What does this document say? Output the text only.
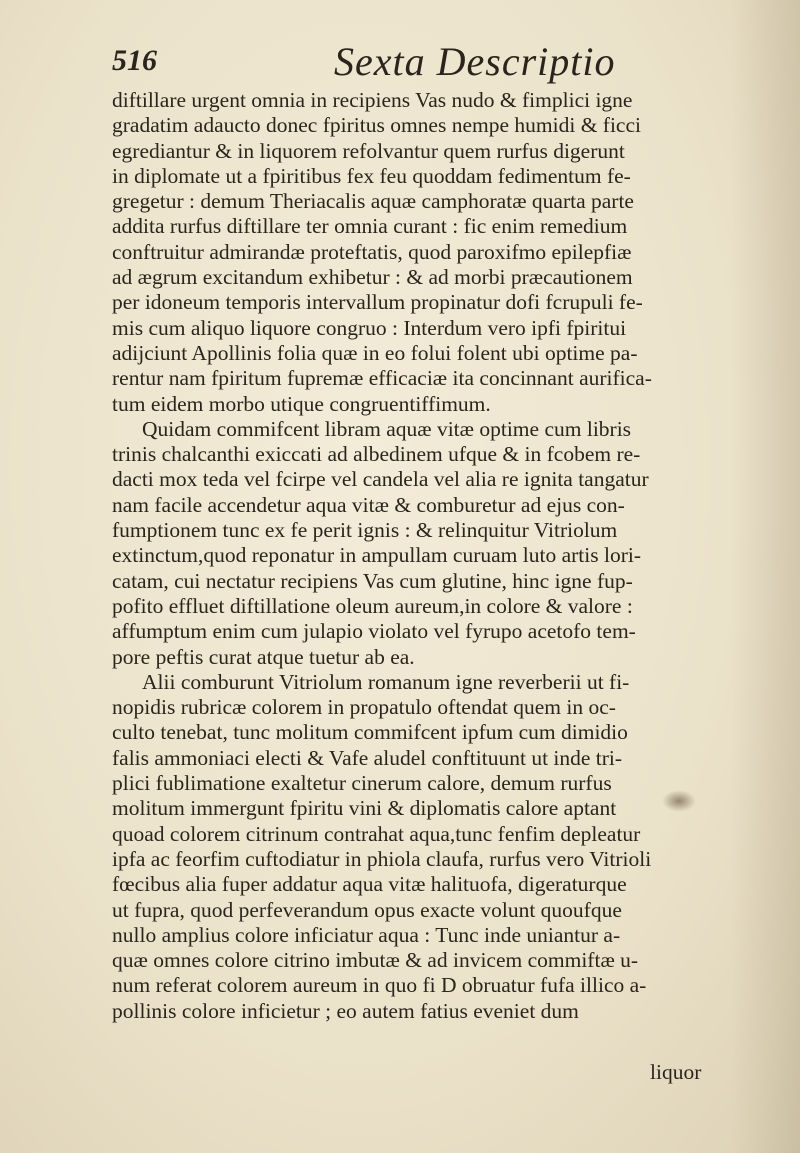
516	Sexta Descriptio
diftillare urgent omnia in recipiens Vas nudo & fimplici igne
gradatim adaucto donec fpiritus omnes nempe humidi & ficci
egrediantur & in liquorem refolvantur quem rurfus digerunt
in diplomate ut a fpiritibus fex feu quoddam fedimentum fe-
gregetur : demum Theriacalis aquæ camphoratæ quarta parte
addita rurfus diftillare ter omnia curant : fic enim remedium
conftruitur admirandæ proteftatis, quod paroxifmo epilepfiæ
ad ægrum excitandum exhibetur : & ad morbi præcautionem
per idoneum temporis intervallum propinatur dofi fcrupuli fe-
mis cum aliquo liquore congruo : Interdum vero ipfi fpiritui
adijciunt Apollinis folia quæ in eo folui folent ubi optime pa-
rentur nam fpiritum fupremæ efficaciæ ita concinnant aurifica-
tum eidem morbo utique congruentiffimum.
Quidam commifcent libram aquæ vitæ optime cum libris
trinis chalcanthi exiccati ad albedinem ufque & in fcobem re-
dacti mox teda vel fcirpe vel candela vel alia re ignita tangatur
nam facile accendetur aqua vitæ & comburetur ad ejus con-
fumptionem tunc ex fe perit ignis : & relinquitur Vitriolum
extinctum,quod reponatur in ampullam curuam luto artis lori-
catam, cui nectatur recipiens Vas cum glutine, hinc igne fup-
pofito effluet diftillatione oleum aureum,in colore & valore :
affumptum enim cum julapio violato vel fyrupo acetofo tem-
pore peftis curat atque tuetur ab ea.
Alii comburunt Vitriolum romanum igne reverberii ut fi-
nopidis rubricæ colorem in propatulo oftendat quem in oc-
culto tenebat, tunc molitum commifcent ipfum cum dimidio
falis ammoniaci electi & Vafe aludel conftituunt ut inde tri-
plici fublimatione exaltetur cinerum calore, demum rurfus
molitum immergunt fpiritu vini & diplomatis calore aptant
quoad colorem citrinum contrahat aqua,tunc fenfim depleatur
ipfa ac feorfim cuftodiatur in phiola claufa, rurfus vero Vitrioli
fœcibus alia fuper addatur aqua vitæ halituofa, digeraturque
ut fupra, quod perfeverandum opus exacte volunt quoufque
nullo amplius colore inficiatur aqua : Tunc inde uniantur a-
quæ omnes colore citrino imbutæ & ad invicem commiftæ u-
num referat colorem aureum in quo fi D obruatur fufa illico a-
pollinis colore inficietur ; eo autem fatius eveniet dum
liquor
